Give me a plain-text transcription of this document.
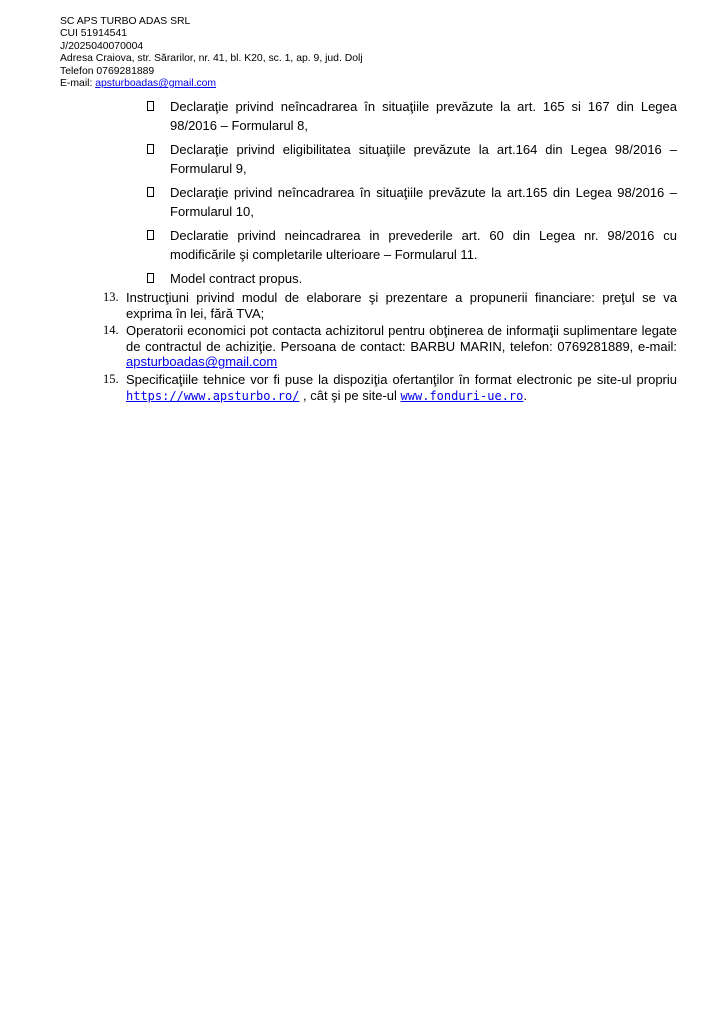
SC APS TURBO ADAS SRL
CUI 51914541
J/2025040070004
Adresa Craiova, str. Sărarilor, nr. 41, bl. K20, sc. 1, ap. 9, jud. Dolj
Telefon 0769281889
E-mail: apsturboadas@gmail.com
Declaraţie privind neîncadrarea în situaţiile prevăzute la art. 165 si 167 din Legea 98/2016 – Formularul 8,
Declaraţie privind eligibilitatea situaţiile prevăzute la art.164 din Legea 98/2016 – Formularul 9,
Declaraţie privind neîncadrarea în situaţiile prevăzute la art.165 din Legea 98/2016 – Formularul 10,
Declaratie privind neincadrarea in prevederile art. 60 din Legea nr. 98/2016 cu modificările şi completarile ulterioare – Formularul 11.
Model contract propus.
13. Instrucţiuni privind modul de elaborare şi prezentare a propunerii financiare: preţul se va exprima în lei, fără TVA;
14. Operatorii economici pot contacta achizitorul pentru obţinerea de informaţii suplimentare legate de contractul de achiziţie. Persoana de contact: BARBU MARIN, telefon: 0769281889, e-mail: apsturboadas@gmail.com
15. Specificaţiile tehnice vor fi puse la dispoziţia ofertanţilor în format electronic pe site-ul propriu https://www.apsturbo.ro/ , cât şi pe site-ul www.fonduri-ue.ro.
